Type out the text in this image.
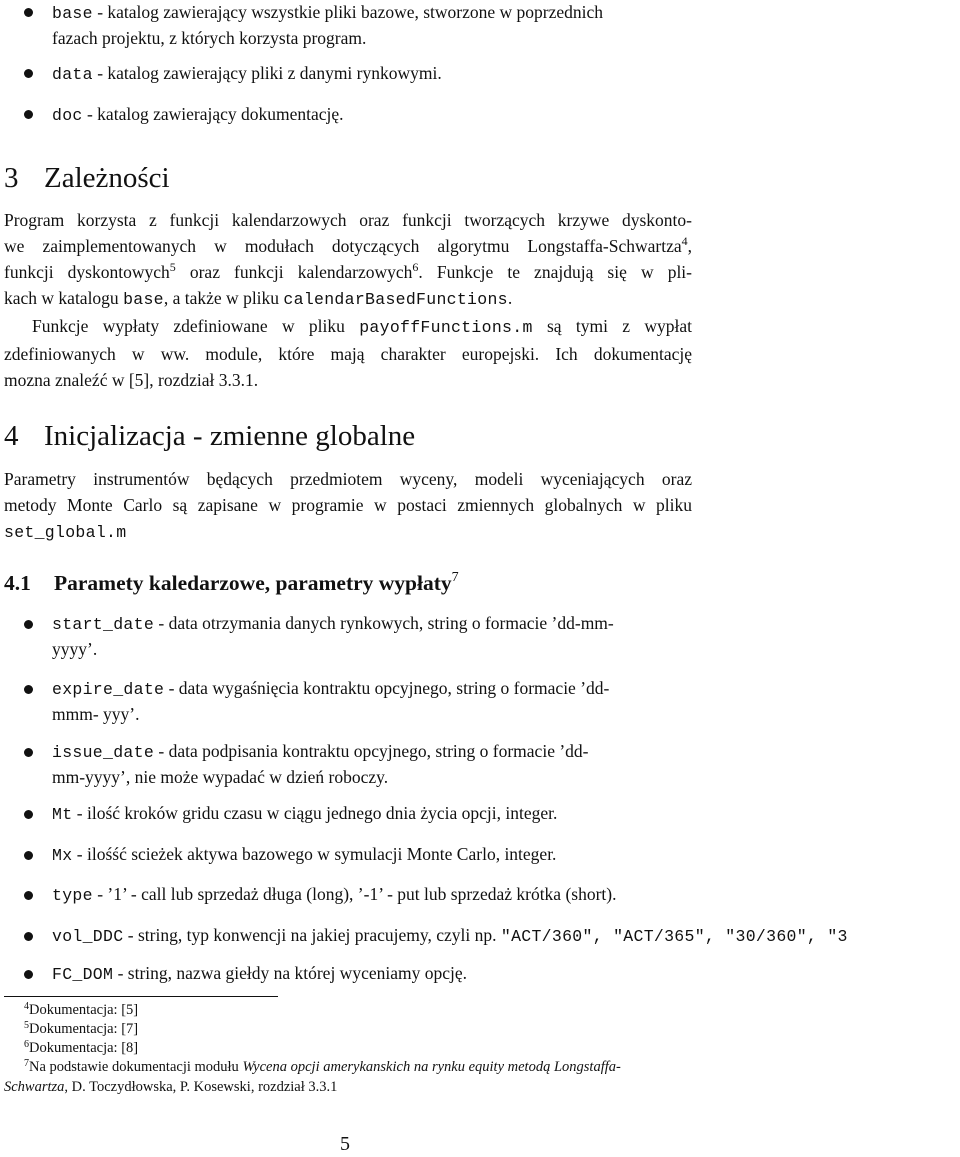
base - katalog zawierający wszystkie pliki bazowe, stworzone w poprzednich
fazach projektu, z których korzysta program.
data - katalog zawierający pliki z danymi rynkowymi.
doc - katalog zawierający dokumentację.
3 Zależności
Program korzysta z funkcji kalendarzowych oraz funkcji tworzących krzywe dyskonto-
we zaimplementowanych w modułach dotyczących algorytmu Longstaffa-Schwartza$^4$,
funkcji dyskontowych$^5$ oraz funkcji kalendarzowych$^6$. Funkcje te znajdują się w pli-
kach w katalogu base, a także w pliku calendarBasedFunctions.
Funkcje wypłaty zdefiniowane w pliku payoffFunctions.m są tymi z wypłat
zdefiniowanych w ww. module, które mają charakter europejski. Ich dokumentację
mozna znaleźć w [5], rozdział 3.3.1.
4 Inicjalizacja - zmienne globalne
Parametry instrumentów będących przedmiotem wyceny, modeli wyceniających oraz
metody Monte Carlo są zapisane w programie w postaci zmiennych globalnych w pliku
set_global.m
4.1 Paramety kaledarzowe, parametry wypłaty$^7$
start_date - data otrzymania danych rynkowych, string o formacie ’dd-mm-
yyyy’.
expire_date - data wygaśnięcia kontraktu opcyjnego, string o formacie ’dd-
mmm- yyy’.
issue_date - data podpisania kontraktu opcyjnego, string o formacie ’dd-
mm-yyyy’, nie może wypadać w dzień roboczy.
Mt - ilość kroków gridu czasu w ciągu jednego dnia życia opcji, integer.
Mx - ilośść scieżek aktywa bazowego w symulacji Monte Carlo, integer.
type - ’1’ - call lub sprzedaż długa (long), ’-1’ - put lub sprzedaż krótka (short).
vol_DDC - string, typ konwencji na jakiej pracujemy, czyli np. "ACT/360", "ACT/365", "30/360", "3
FC_DOM - string, nazwa giełdy na której wyceniamy opcję.
$^4$Dokumentacja: [5]
$^5$Dokumentacja: [7]
$^6$Dokumentacja: [8]
$^7$Na podstawie dokumentacji modułu Wycena opcji amerykanskich na rynku equity metodą Longstaffa-
Schwartza, D. Toczydłowska, P. Kosewski, rozdział 3.3.1
5
